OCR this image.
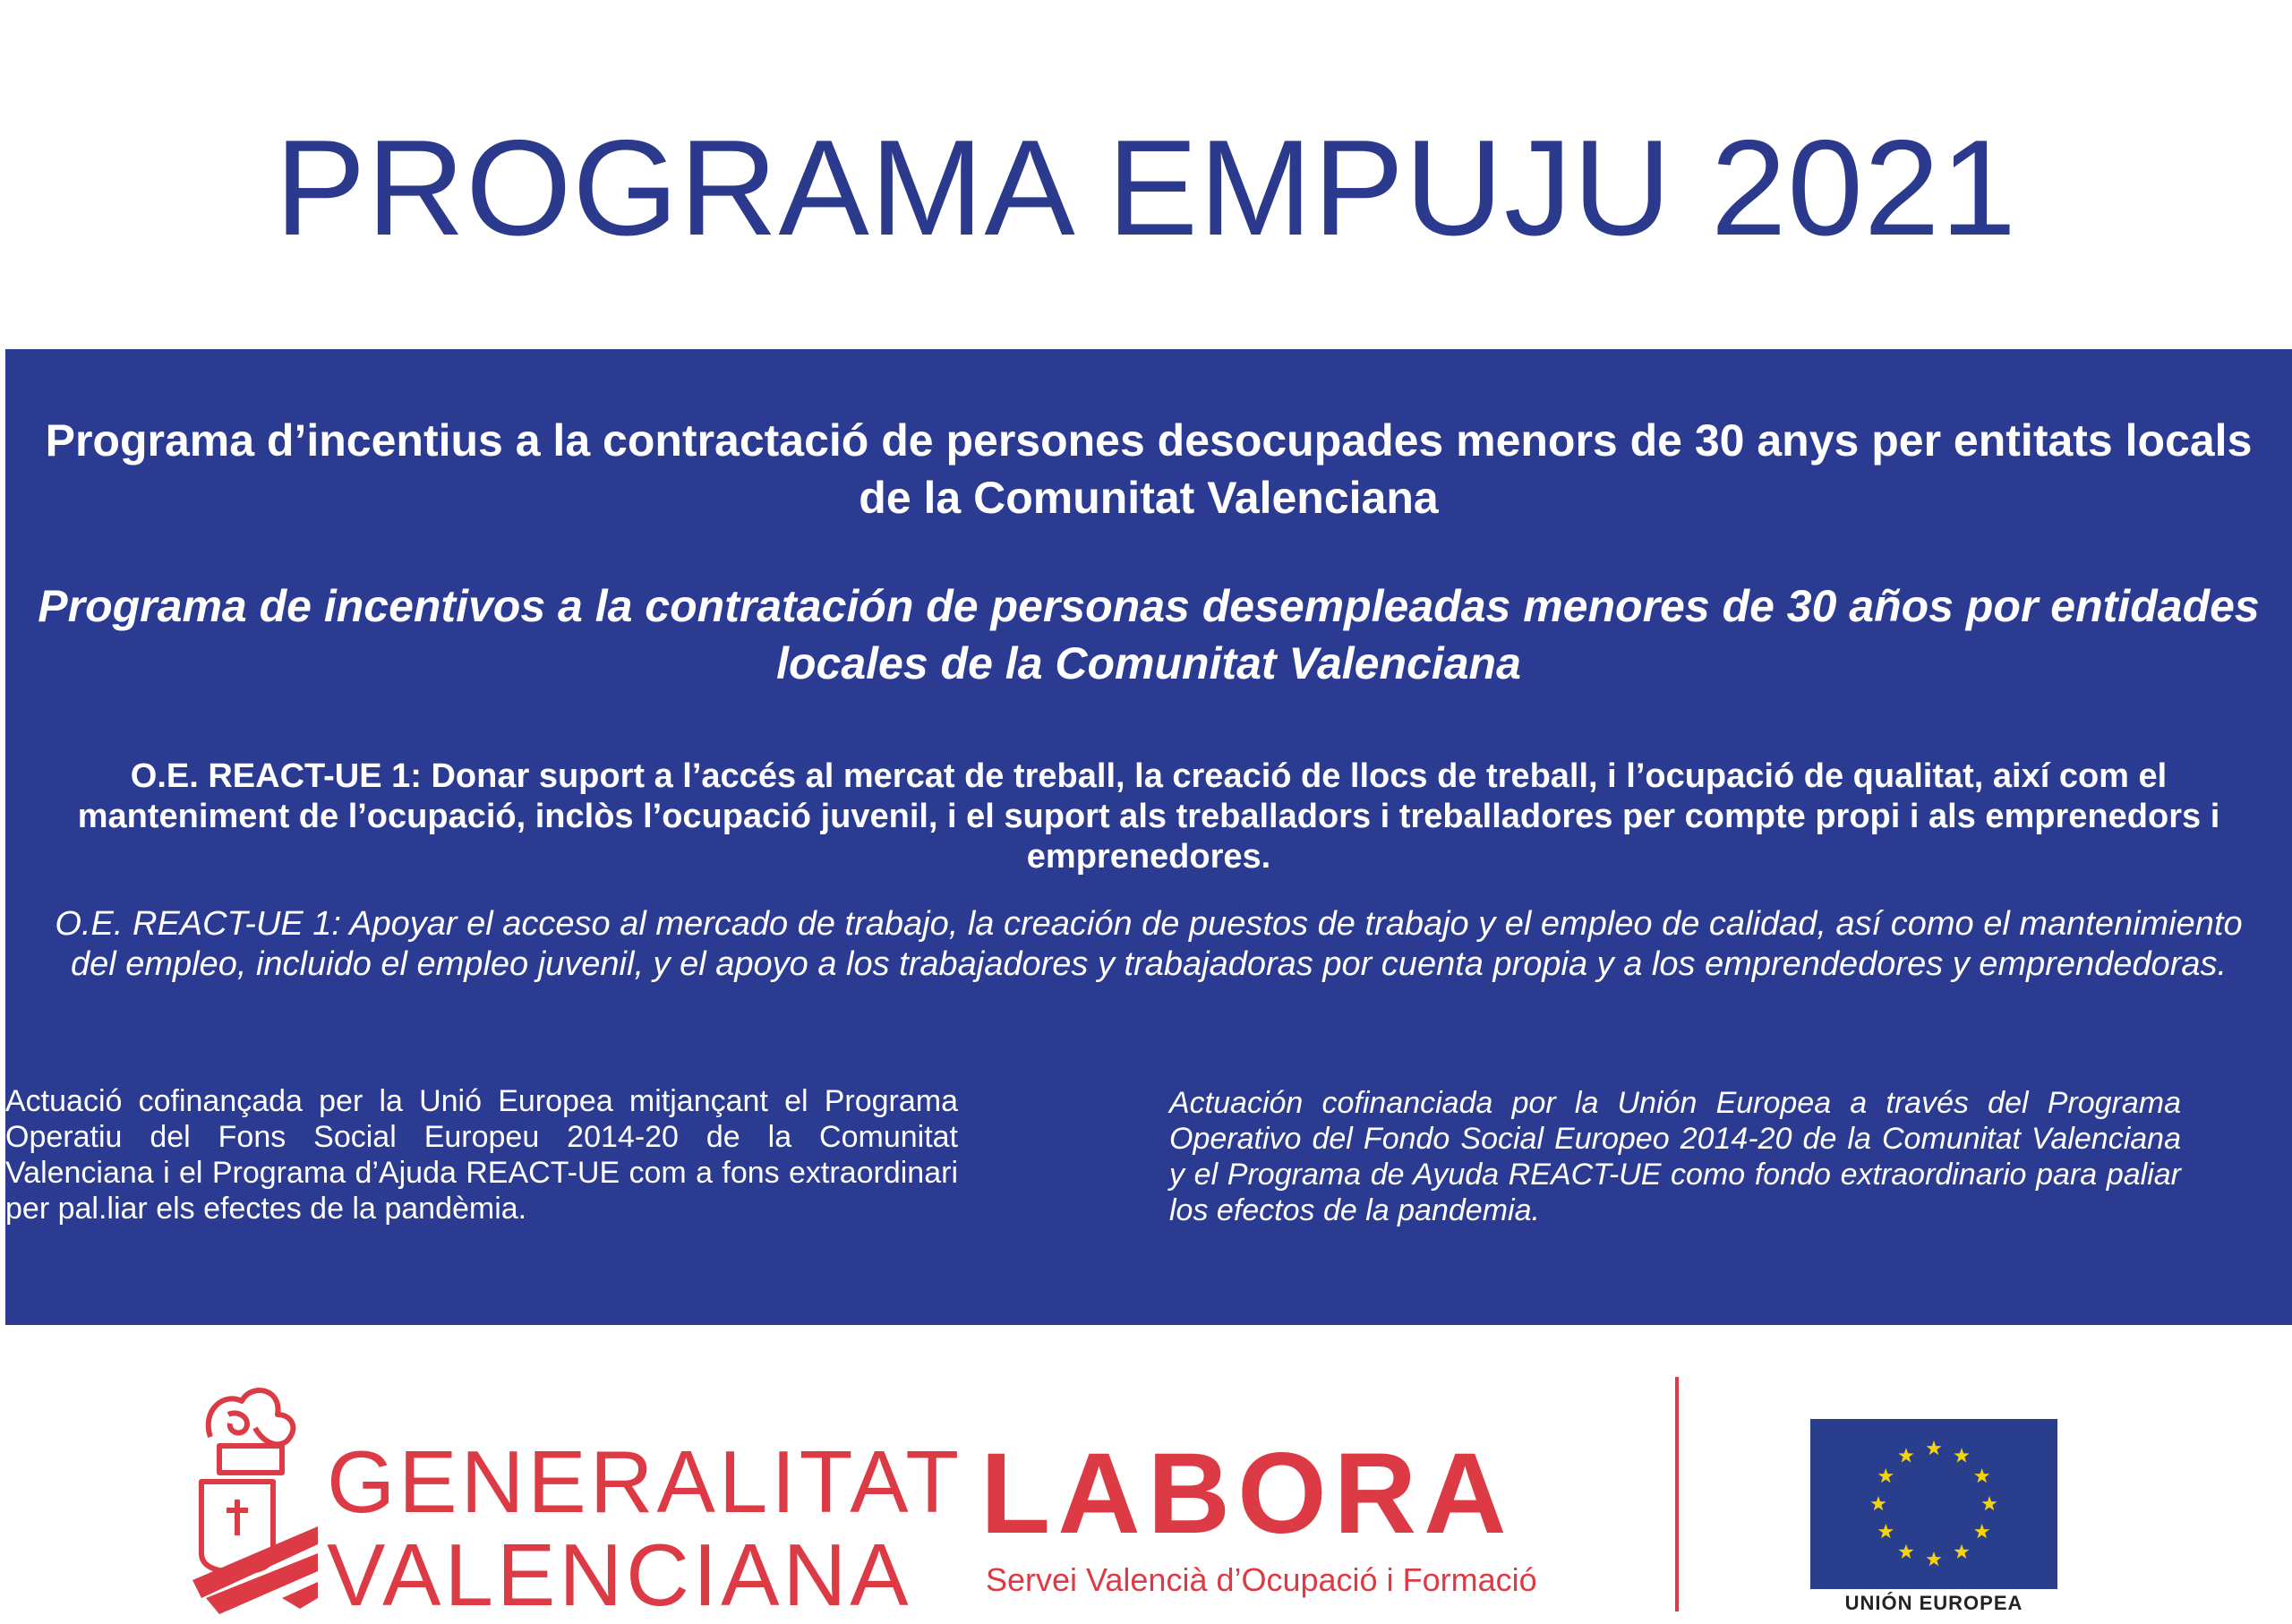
PROGRAMA EMPUJU 2021

Programa d’incentius a la contractació de persones desocupades menors de 30 anys per entitats locals de la Comunitat Valenciana

Programa de incentivos a la contratación de personas desempleadas menores de 30 años por entidades locales de la Comunitat Valenciana

O.E. REACT-UE 1: Donar suport a l’accés al mercat de treball, la creació de llocs de treball, i l’ocupació de qualitat, així com el manteniment de l’ocupació, inclòs l’ocupació juvenil, i el suport als treballadors i treballadores per compte propi i als emprenedors i emprenedores.

O.E. REACT-UE 1: Apoyar el acceso al mercado de trabajo, la creación de puestos de trabajo y el empleo de calidad, así como el mantenimiento del empleo, incluido el empleo juvenil, y el apoyo a los trabajadores y trabajadoras por cuenta propia y a los emprendedores y emprendedoras.

Actuació cofinançada per la Unió Europea mitjançant el Programa Operatiu del Fons Social Europeu 2014-20 de la Comunitat Valenciana i el Programa d’Ajuda REACT-UE com a fons extraordinari per pal.liar els efectes de la pandèmia.

Actuación cofinanciada por la Unión Europea a través del Programa Operativo del Fondo Social Europeo 2014-20 de la Comunitat Valenciana y el Programa de Ayuda REACT-UE como fondo extraordinario para paliar los efectos de la pandemia.

GENERALITAT
VALENCIANA

LABORA

Servei Valencià d’Ocupació i Formació

UNIÓN EUROPEA
